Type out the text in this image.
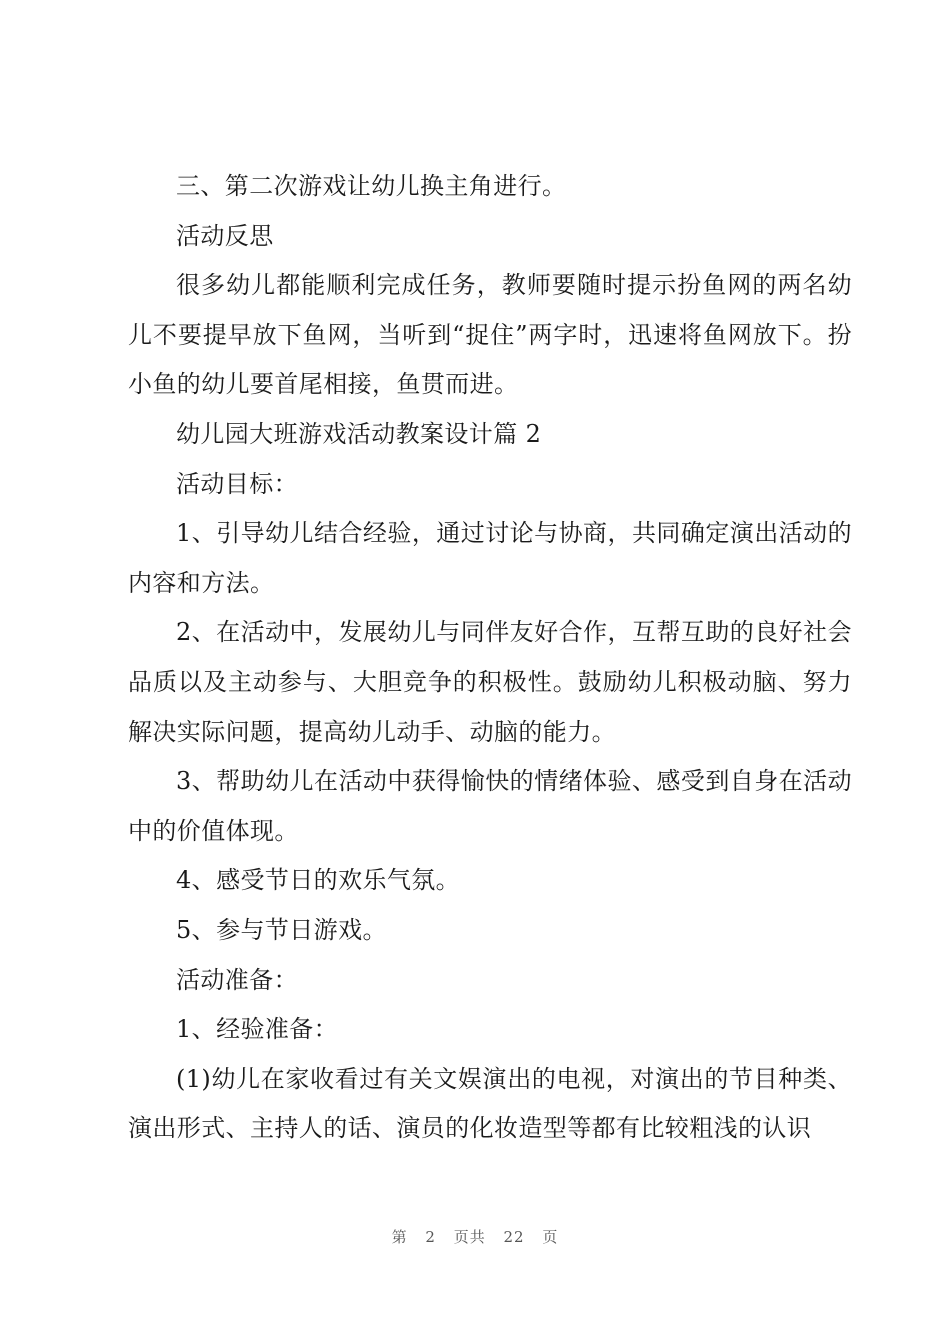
三、第二次游戏让幼儿换主角进行。

活动反思

很多幼儿都能顺利完成任务，教师要随时提示扮鱼网的两名幼儿不要提早放下鱼网，当听到“捉住”两字时，迅速将鱼网放下。扮小鱼的幼儿要首尾相接，鱼贯而进。

幼儿园大班游戏活动教案设计篇 2

活动目标：

1、引导幼儿结合经验，通过讨论与协商，共同确定演出活动的内容和方法。

2、在活动中，发展幼儿与同伴友好合作，互帮互助的良好社会品质以及主动参与、大胆竞争的积极性。鼓励幼儿积极动脑、努力解决实际问题，提高幼儿动手、动脑的能力。

3、帮助幼儿在活动中获得愉快的情绪体验、感受到自身在活动中的价值体现。

4、感受节日的欢乐气氛。

5、参与节日游戏。

活动准备：

1、经验准备：

(1)幼儿在家收看过有关文娱演出的电视，对演出的节目种类、演出形式、主持人的话、演员的化妆造型等都有比较粗浅的认识

第 2 页共 22 页
